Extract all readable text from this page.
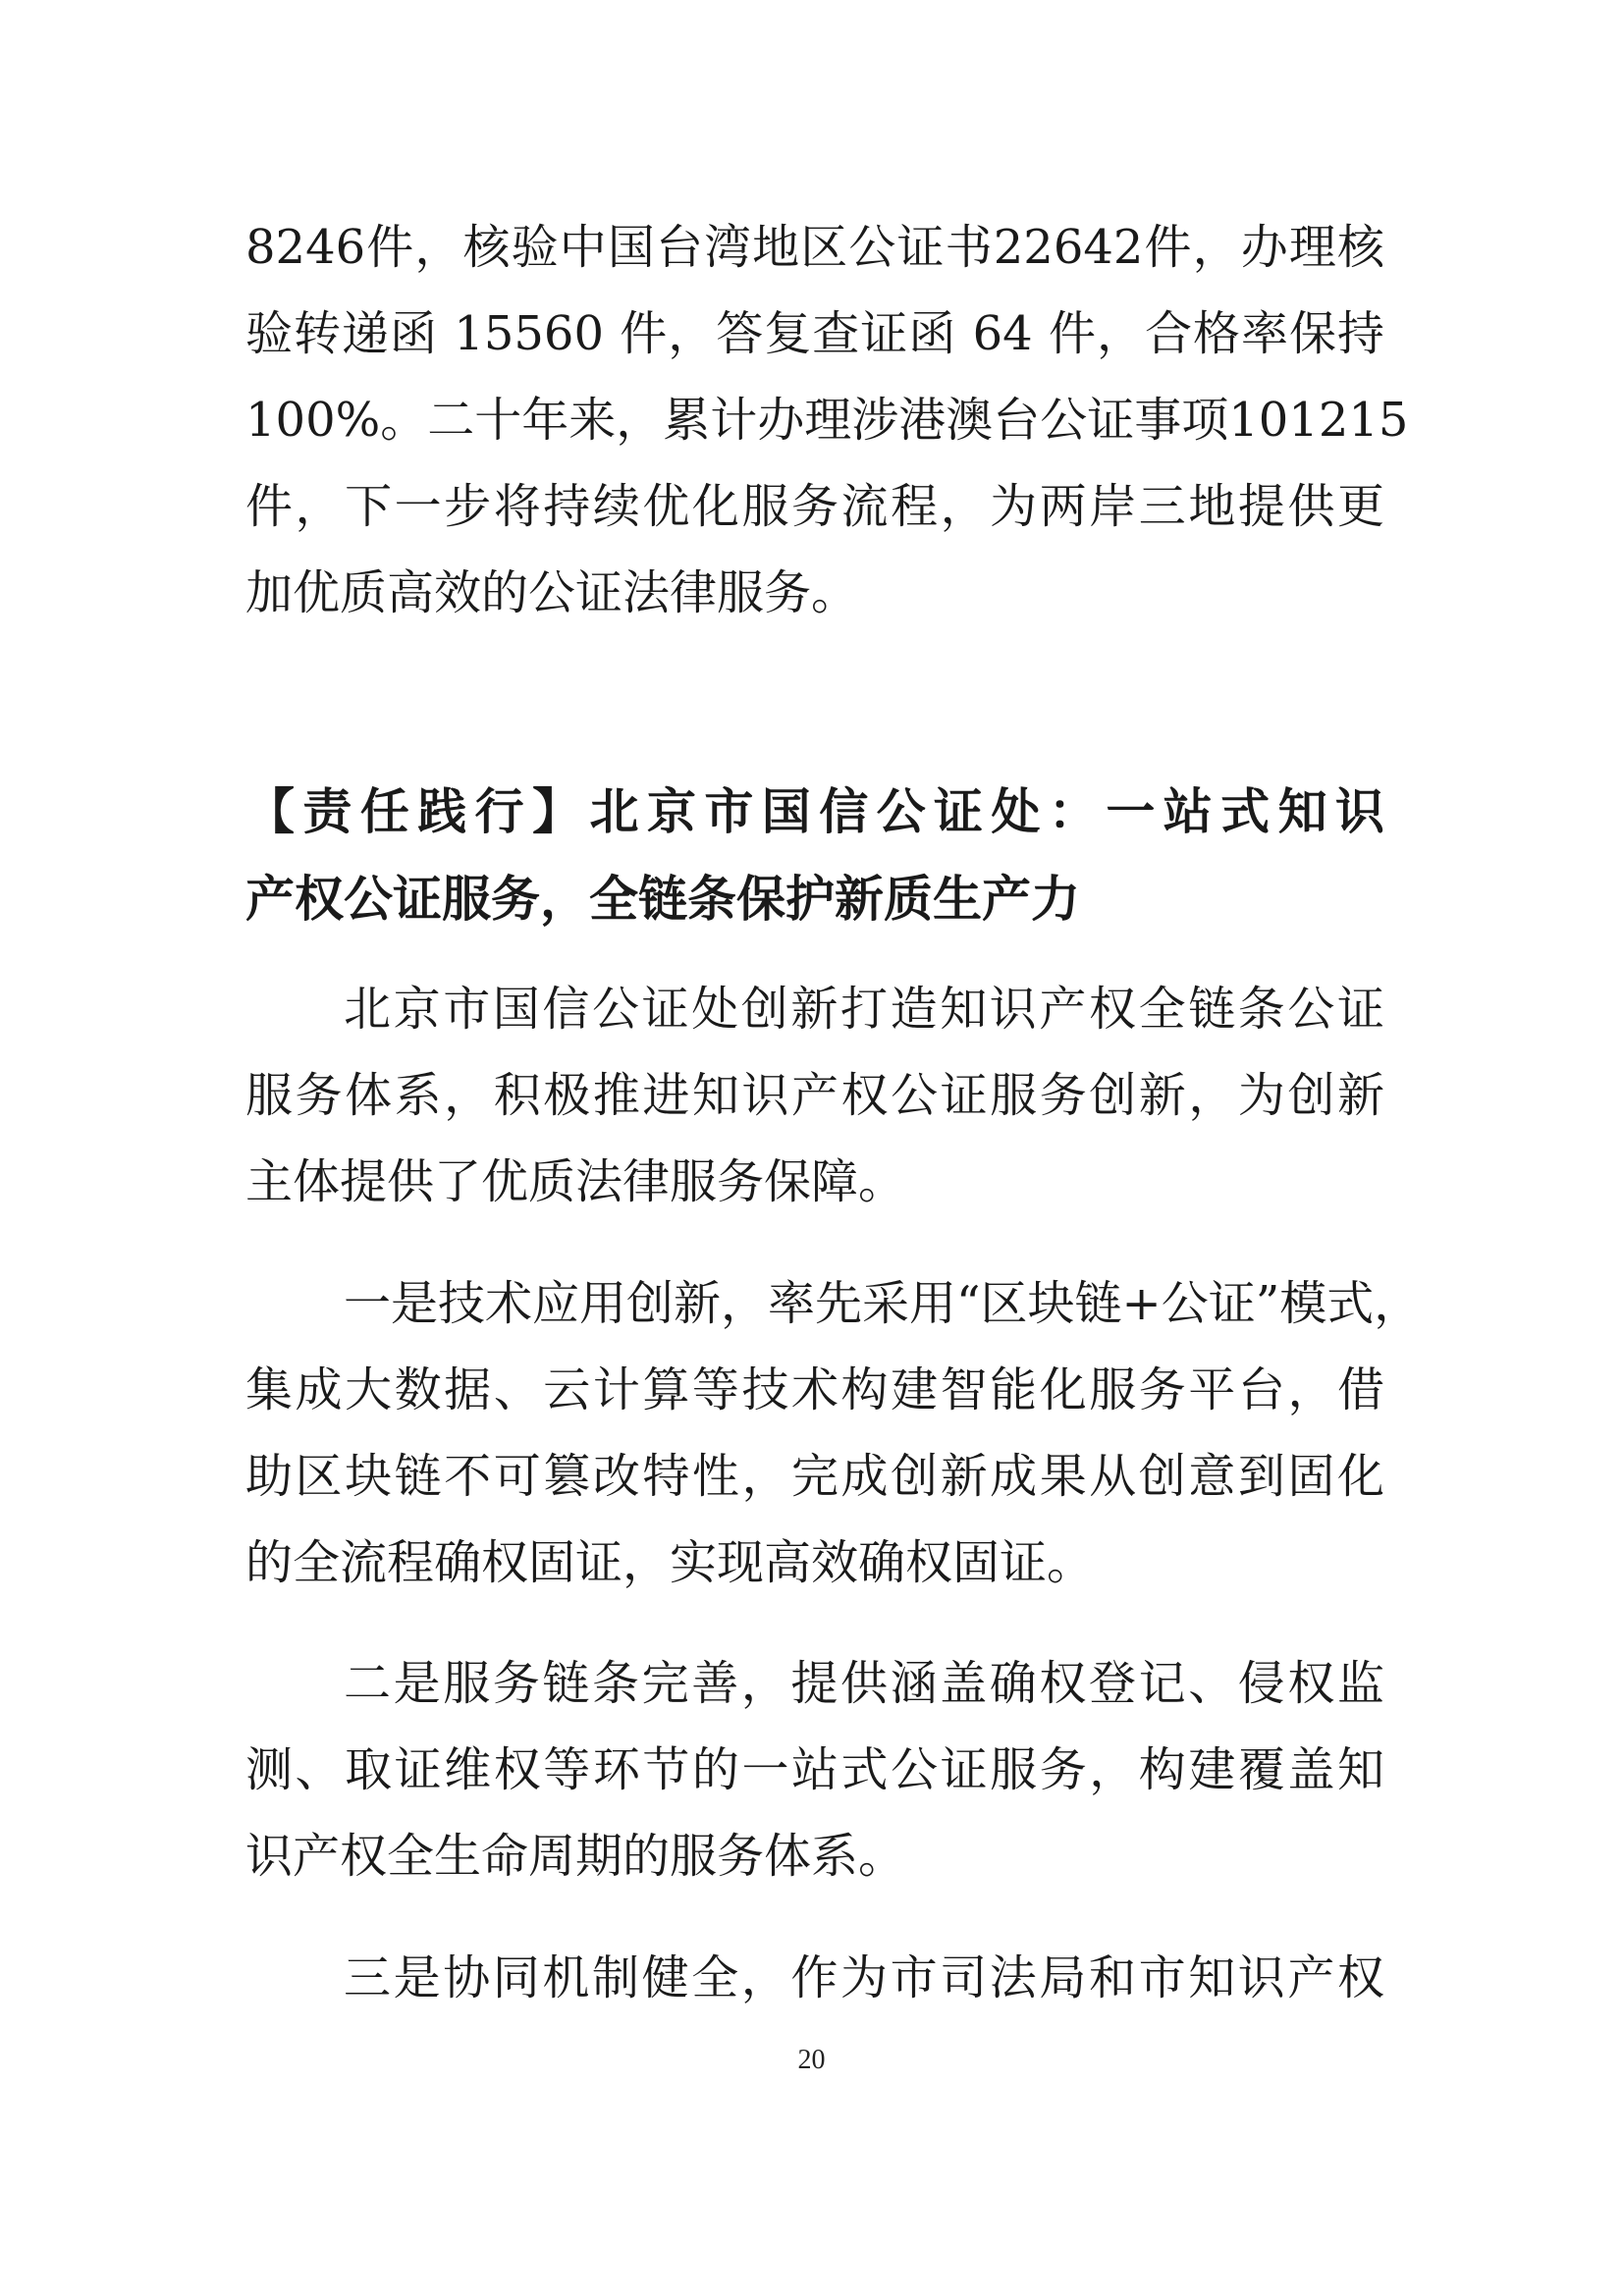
8246件，核验中国台湾地区公证书22642件，办理核
验转递函 15560 件，答复查证函 64 件，合格率保持
100%。二十年来，累计办理涉港澳台公证事项101215
件，下一步将持续优化服务流程，为两岸三地提供更
加优质高效的公证法律服务。
【责任践行】北京市国信公证处：一站式知识
产权公证服务，全链条保护新质生产力
北京市国信公证处创新打造知识产权全链条公证
服务体系，积极推进知识产权公证服务创新，为创新
主体提供了优质法律服务保障。
一是技术应用创新，率先采用“区块链+公证”模式，
集成大数据、云计算等技术构建智能化服务平台，借
助区块链不可篡改特性，完成创新成果从创意到固化
的全流程确权固证，实现高效确权固证。
二是服务链条完善，提供涵盖确权登记、侵权监
测、取证维权等环节的一站式公证服务，构建覆盖知
识产权全生命周期的服务体系。
三是协同机制健全，作为市司法局和市知识产权
20
